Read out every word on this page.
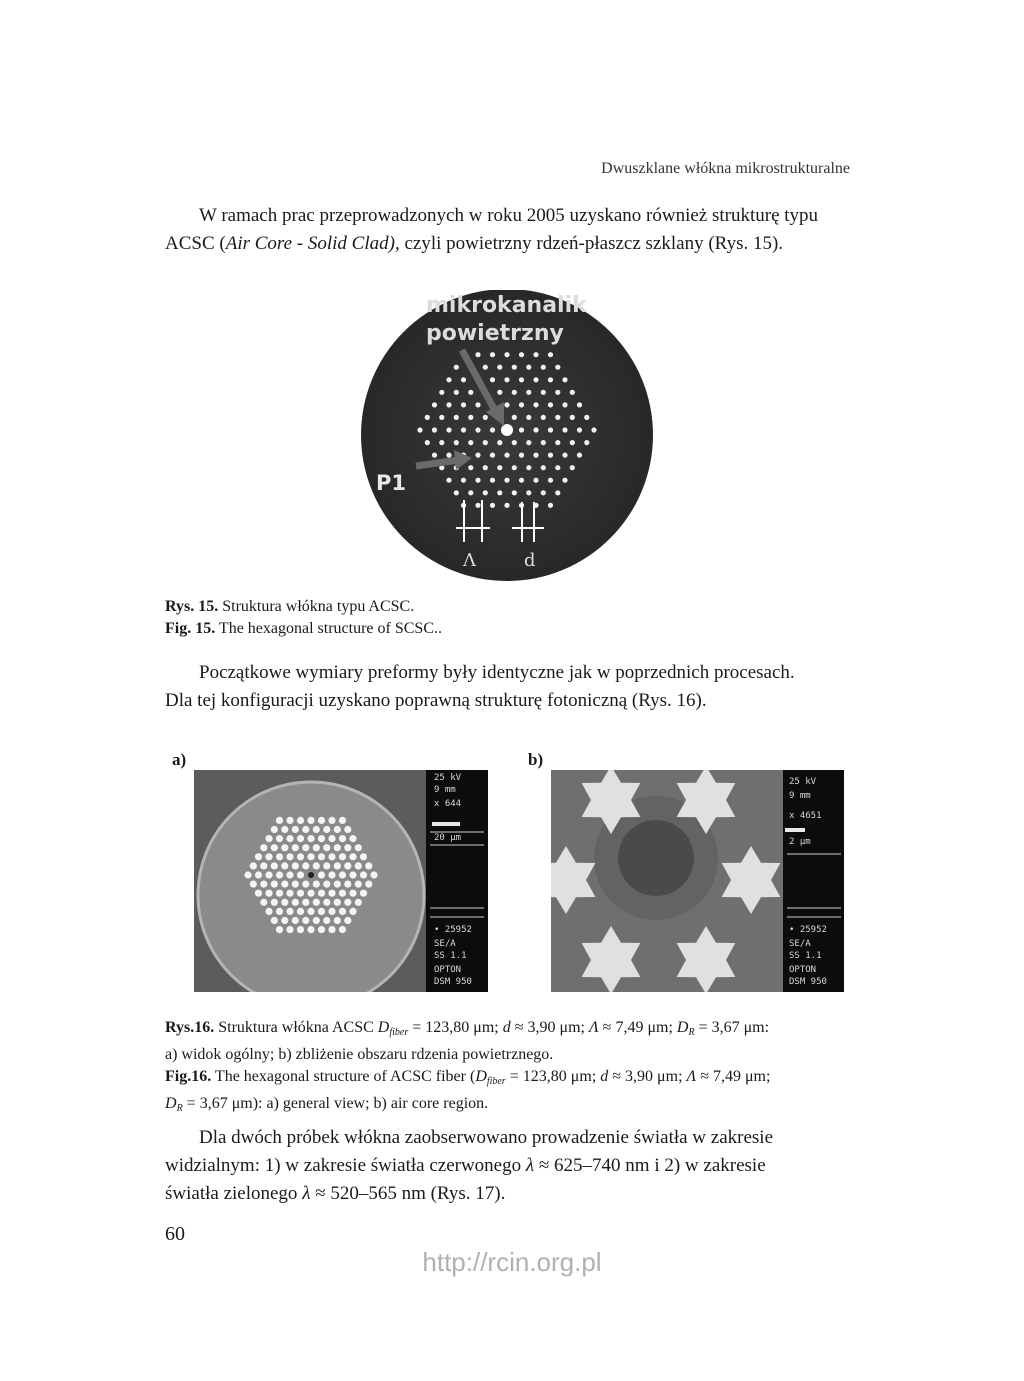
Dwuszklane włókna mikrostrukturalne
W ramach prac przeprowadzonych w roku 2005 uzyskano również strukturę typu
ACSC (Air Core - Solid Clad), czyli powietrzny rdzeń-płaszcz szklany (Rys. 15).
mikrokanalik
powietrzny
P1
Λ	d
Rys. 15. Struktura włókna typu ACSC.
Fig. 15. The hexagonal structure of SCSC..
Początkowe wymiary preformy były identyczne jak w poprzednich procesach.
Dla tej konfiguracji uzyskano poprawną strukturę fotoniczną (Rys. 16).
a)	b)
25 kV
9 mm
x 644
20 μm
• 25952
SE/A
SS 1.1
OPTON
DSM 950
25 kV
9 mm
x 4651
2 μm
• 25952
SE/A
SS 1.1
OPTON
DSM 950
Rys.16. Struktura włókna ACSC $D_{fiber} = 123,80$ μm; d ≈ 3,90 μm; Λ ≈ 7,49 μm; $D_R = 3,67$ μm:
a) widok ogólny; b) zbliżenie obszaru rdzenia powietrznego.
Fig.16. The hexagonal structure of ACSC fiber ($D_{fiber} = 123,80$ μm; d ≈ 3,90 μm; Λ ≈ 7,49 μm;
$D_R = 3,67$ μm): a) general view; b) air core region.
Dla dwóch próbek włókna zaobserwowano prowadzenie światła w zakresie
widzialnym: 1) w zakresie światła czerwonego λ ≈ 625–740 nm i 2) w zakresie
światła zielonego λ ≈ 520–565 nm (Rys. 17).
60
http://rcin.org.pl
